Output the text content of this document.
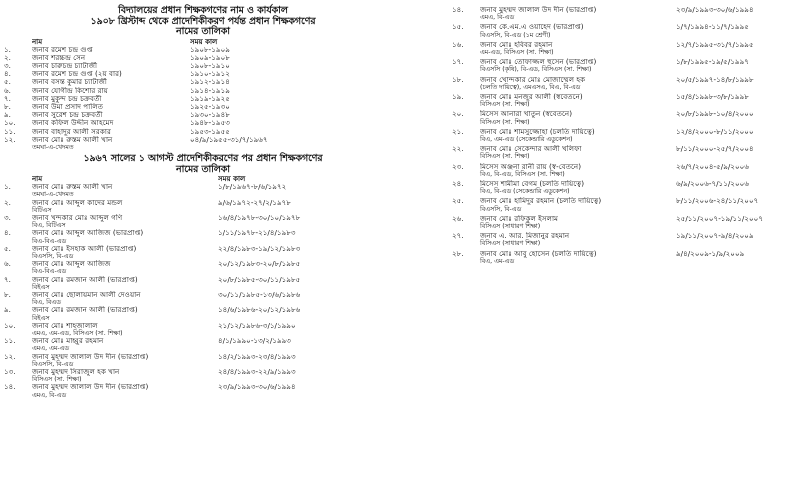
বিদ্যালয়ের প্রধান শিক্ষকগণের নাম ও কার্যকাল
১৯০৮ খ্রিস্টাব্দ থেকে প্রাদেশিকীকরণ পর্যন্ত প্রধান শিক্ষকগণের
নামের তালিকা
নাম	সময় কাল
১.	জনাব রমেশ চন্দ্র গুপ্ত	১৯০৮-১৯০৯
২.	জনাব শরচ্চন্দ্র সেন	১৯০৯-১৯০৮
৩.	জনাব চারুচন্দ্র চ্যাটার্জী	১৯০৮-১৯১০
৪.	জনাব রমেশ চন্দ্র গুপ্ত (২য় বার)	১৯১০-১৯১২
৫.	জনাব বসন্ত কুমার চ্যাটার্জী	১৯১২-১৯১৪
৬.	জনাব যোগীন্দ্র কিশোর রায়	১৯১৪-১৯১৯
৭.	জনাব মুকুন্দ চন্দ্র চক্রবর্তী	১৯১৯-১৯২৫
৮.	জনাব উমা প্রসাদ পালিত	১৯২৫-১৯৩০
৯.	জনাব সুরেশ চন্দ্র চক্রবর্তী	১৯৩০-১৯৪৮
১০.	জনাব কফিল উদ্দীন আহমেদ	১৯৪৮-১৯৫৩
১১.	জনাব বাহাদুর আলী সরকার	১৯৫৩-১৯৫৫
১২.	জনাব মোঃ রুস্তম আলী খান	০৪/৯/১৯৫৫-৩১/৭/১৯৬৭
তমঘা-এ-খেদমত
১৯৬৭ সালের ১ আগস্ট প্রাদেশিকীকরণের পর প্রধান শিক্ষকগণের
নামের তালিকা
নাম	সময় কাল
১.	জনাব মোঃ রুস্তম আলী খান	১/৮/১৯৬৭-৮/৬/১৯৭২
তমঘা-এ-খেদমত
২.	জনাব মোঃ আব্দুল কাদের মন্ডল	৯/৬/১৯৭২-২৭/২/১৯৭৮
বিটিএস
৩.	জনাব খন্দকার মোঃ আব্দুল গণি	১৬/৪/১৯৭৮-৩০/১০/১৯৭৮
বিএ, বিটিএস
৪.	জনাব মোঃ আব্দুল আজিজ (ভারপ্রাপ্ত)	১/১১/১৯৭৮-২১/৪/১৯৮৩
বিএ-বিএ-এড
৫.	জনাব মোঃ ইসহাক আলী (ভারপ্রাপ্ত)	২২/৪/১৯৮৩-১৯/১২/১৯৮৩
বিএসসি, বি-এড
৬.	জনাব মোঃ আব্দুল আজিজ	২০/১২/১৯৮৩-২০/৮/১৯৮৫
বিএ-বিএ-এড
৭.	জনাব মোঃ রমজান আলী (ভারপ্রাপ্ত)	২০/৮/১৯৮৫-৩০/১১/১৯৮৫
বিইএস
৮.	জনাব মোঃ ছোলায়মান আলী দেওয়ান	৩০/১১/১৯৮৫-১৩/৬/১৯৮৬
বিএ, বিএড
৯.	জনাব মোঃ রমজান আলী (ভারপ্রাপ্ত)	১৪/৬/১৯৮৬-২০/১২/১৯৮৬
বিইএস
১০.	জনাব মোঃ শাহজালাল	২১/১২/১৯৮৬-৩/১/১৯৯০
এমএ, এম-এড, বিসিএস (সা. শিক্ষা)
১১.	জনাব মোঃ মাহ্বুর রহমান	৪/১/১৯৯০-১৩/২/১৯৯৩
এমএ, এম-এড
১২.	জনাব মুহম্মদ জালাল উদ দীন (ভারপ্রাপ্ত)	১৪/২/১৯৯৩-২৩/৪/১৯৯৩
বিএসসি, বি-এড
১৩.	জনাব মুহম্মদ সিরাজুল হক খান	২৪/৪/১৯৯৩-২২/৯/১৯৯৩
বিসিএস (সা. শিক্ষা)
১৪.	জনাব মুহম্মদ জালাল উদ দীন (ভারপ্রাপ্ত)	২৩/৯/১৯৯৩-৩০/৬/১৯৯৪
এমএ, বি-এড
১৪.	জনাব মুহম্মদ জালাল উদ দীন (ভারপ্রাপ্ত)	২৩/৯/১৯৯৩-৩০/৬/১৯৯৪
এমএ, বি-এড
১৫.	জনাব কে.এম.এ ওয়াহেদ (ভারপ্রাপ্ত)	১/৭/১৯৯৪-১১/৭/১৯৯৫
বিএসসি, বি-এড (১ম শ্রেণী)
১৬.	জনাব মোঃ হবিবর রহমান	১২/৭/১৯৯৫-৩১/৭/১৯৯৫
এম-এড, বিসিএস (সা. শিক্ষা)
১৭.	জনাব মোঃ তোফাজ্জল হুসেন (ভারপ্রাপ্ত)	১/৮/১৯৯৫-১৯/৫/১৯৯৭
বিএসসি (কৃষি), বি-এড, বিসিএস (সা. শিক্ষা)
১৮.	জনাব খোন্দকার মোঃ মোজাম্মেল হক	২০/৫/১৯৯৭-১৪/৮/১৯৯৮
(চলতি দায়িত্বে), এমএসএ, বিএ, বি-এড
১৯.	জনাব মোঃ মনজুর আলী (স্ববেতনে)	১৫/৪/১৯৯৮-৩/৮/১৯৯৮
বিসিএস (সা. শিক্ষা)
২০.	মিসেস আনারা খাতুন (স্ববেতনে)	২০/৮/১৯৯৮-১০/৪/২০০০
বিসিএস (সা. শিক্ষা)
২১.	জনাব মোঃ শামসুজ্জোহা (চলতি দায়িত্বে)	১২/৪/২০০০-৮/১১/২০০০
বিএ, এম-এড (সেকেন্ডারি এডুকেশন)
২২.	জনাব মোঃ সেকেন্দার আলী খলিফা	৮/১১/২০০০-২৫/৭/২০০৪
বিসিএস (সা. শিক্ষা)
২৩.	মিসেস অঞ্জনা রানী রায় (স্ব-বেতনে)	২৬/৭/২০০৪-৫/৯/২০০৬
বিএ, বি-এড, বিসিএস (সা. শিক্ষা)
২৪.	মিসেস শামীমা বেগম (চলতি দায়িত্বে)	৬/৯/২০০৬-৭/১১/২০০৬
বিএ, বি-এড (সেকেন্ডারি এডুকেশন)
২৫.	জনাব মোঃ হামিদুর রহমান (চলতি দায়িত্বে)	৮/১১/২০০৬-২৪/১১/২০০৭
বিএসসি, বি-এড
২৬.	জনাব মোঃ রফিকুল ইসলাম	২৫/১১/২০০৭-১৯/১১/২০০৭
বিসিএস (সাধারণ শিক্ষা)
২৭.	জনাব এ. আর. মিজানুর রহমান	১৯/১১/২০০৭-৯/৪/২০০৯
বিসিএস (সাধারণ শিক্ষা)
২৮.	জনাব মোঃ আবু হোসেন (চলতি দায়িত্বে)	৯/৪/২০০৯-১/৯/২০০৯
বিএ, এম-এড
